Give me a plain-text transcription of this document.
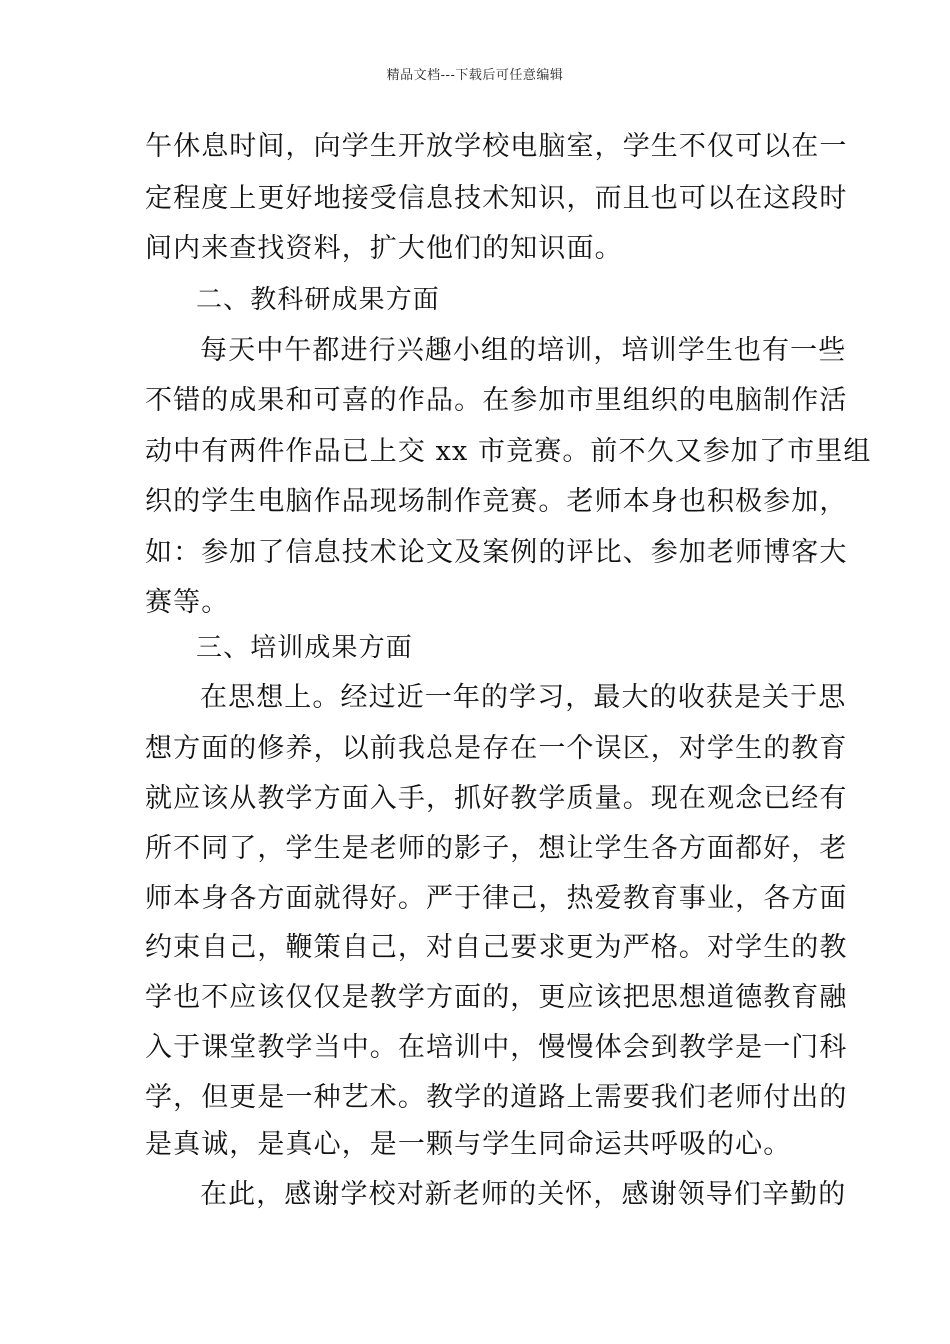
精品文档---下载后可任意编辑
午休息时间，向学生开放学校电脑室，学生不仅可以在一
定程度上更好地接受信息技术知识，而且也可以在这段时
间内来查找资料，扩大他们的知识面。
二、教科研成果方面
每天中午都进行兴趣小组的培训，培训学生也有一些
不错的成果和可喜的作品。在参加市里组织的电脑制作活
动中有两件作品已上交 xx 市竞赛。前不久又参加了市里组
织的学生电脑作品现场制作竞赛。老师本身也积极参加，
如：参加了信息技术论文及案例的评比、参加老师博客大
赛等。
三、培训成果方面
在思想上。经过近一年的学习，最大的收获是关于思
想方面的修养，以前我总是存在一个误区，对学生的教育
就应该从教学方面入手，抓好教学质量。现在观念已经有
所不同了，学生是老师的影子，想让学生各方面都好，老
师本身各方面就得好。严于律己，热爱教育事业，各方面
约束自己，鞭策自己，对自己要求更为严格。对学生的教
学也不应该仅仅是教学方面的，更应该把思想道德教育融
入于课堂教学当中。在培训中，慢慢体会到教学是一门科
学，但更是一种艺术。教学的道路上需要我们老师付出的
是真诚，是真心，是一颗与学生同命运共呼吸的心。
在此，感谢学校对新老师的关怀，感谢领导们辛勤的
